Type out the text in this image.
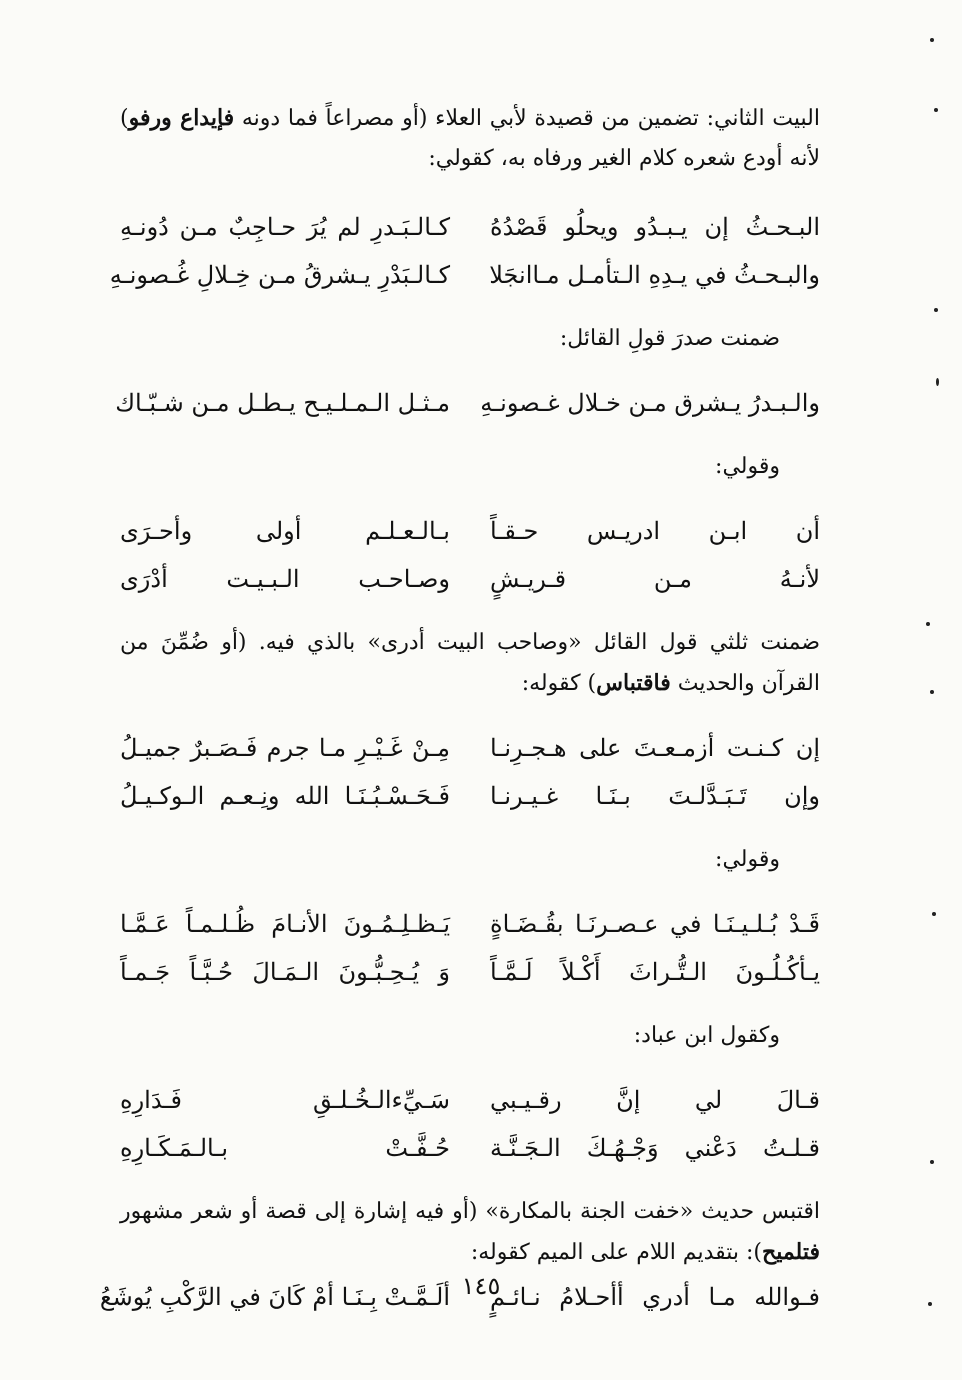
البيت الثاني: تضمين من قصيدة لأبي العلاء (أو مصراعاً فما دونه فإيداع ورفو) لأنه أودع شعره كلام الغير ورفاه به، كقولي:

البـحـثُ إن يـبـدُو ويحلُو قَصْدُهُ
كـالـبَـدرِ لم يُرَ حـاجِبٌ مـن دُونـهِ
والبـحـثُ في يـدِهِ الـتأمـل مـاانجَلا
كـالـبَدْرِ يـشرقُ مـن خِـلالِ غُـصونـهِ

ضمنت صدرَ قولِ القائل:

والـبـدرُ يـشرق مـن خـلال غـصونـهِ
مـثـل الـمـلـيـح يـطـل مـن شـبّـاك

وقولي:

أن ابـن ادريـس حـقـاً
بـالـعـلـم أولى وأحـرَى
لأنـهُ مـن قـريـشٍ
وصـاحـب الـبـيـت أدْرَى

ضمنت ثلثي قول القائل «وصاحب البيت أدرى» بالذي فيه. (أو ضُمِّنَ من القرآن والحديث فاقتباس) كقوله:

إن كـنـت أزمـعـتَ على هـجـرِنـا
مِـنْ غَـيْـرِ مـا جرم فَـصَـبرٌ جميـلُ
وإن تَـبَـدَّلـتَ بـنَـا غـيـرنـا
فَـحَـسْـبُـنَـا الله ونِـعـم الـوكـيـلُ

وقولي:

قَـدْ بُـلـيـنَـا في عـصـرنَـا بقُـضَـاةٍ
يَـظـلِـمُـونَ الأنـامَ ظُـلـمـاً عَـمَّـا
يـأكُـلُـونَ الـتُّـراثَ أَكْـلاً لَـمَّـاً
وَ يُـحِـبُّـونَ الـمَـالَ حُـبَّـاً جَـمـاً

وكقول ابن عباد:

قـالَ لي إنَّ رقـيـبي
سَـيِّءالـخُـلـقِ فَـدَارِهِ
قـلـتُ دَعْني وَجْـهُـكَ الـجَـنَّـة
حُـفَّـتْ بـالـمَـكَـارِهِ

اقتبس حديث «خفت الجنة بالمكارة» (أو فيه إشارة إلى قصة أو شعر مشهور فتلميح): بتقديم اللام على الميم كقوله:

فـوالله مـا أدري أأحـلامُ نـائـمٍ
ألَـمَّـتْ بِـنَـا أمْ كَانَ في الرَّكْبِ يُوشَعُ ١٤٥
